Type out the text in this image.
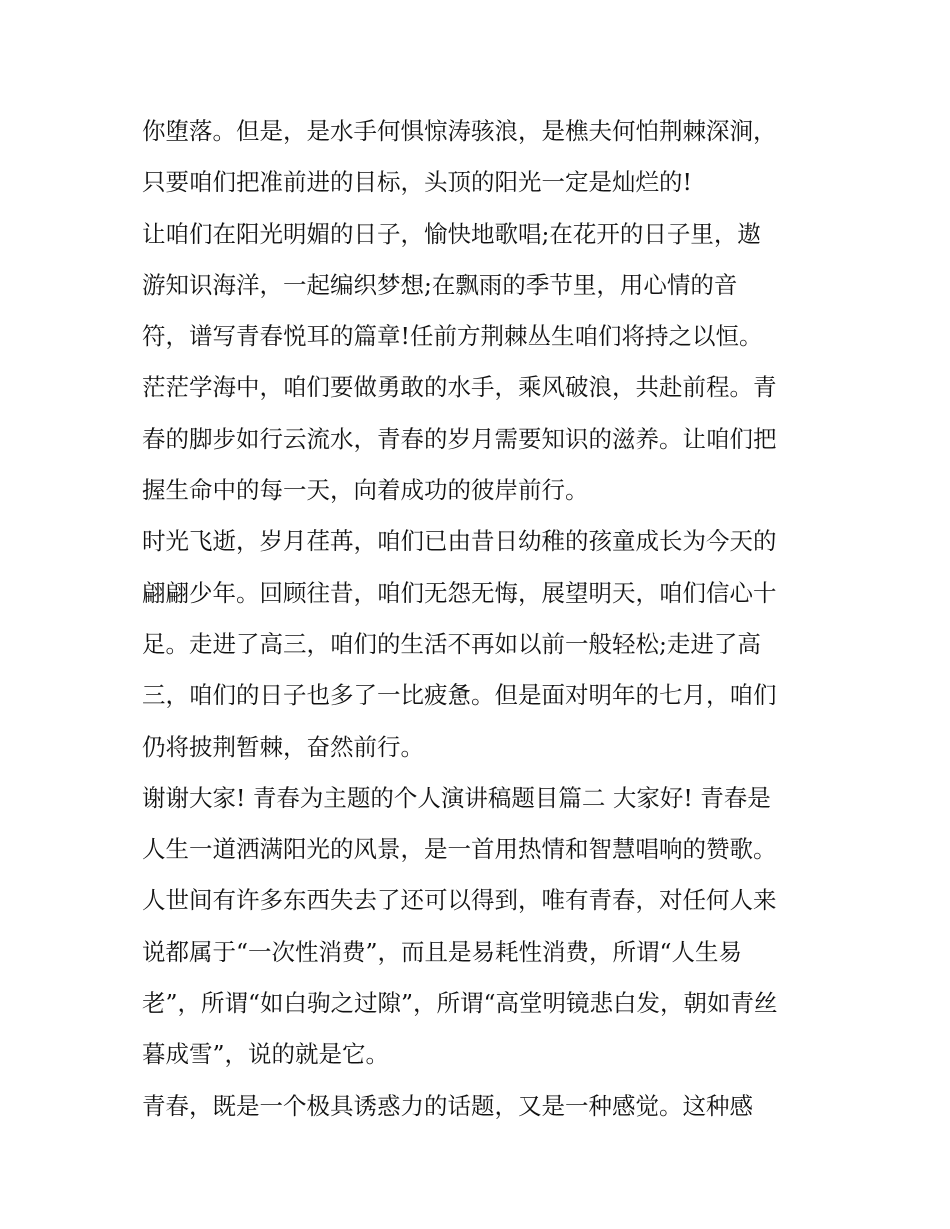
你堕落。但是，是水手何惧惊涛骇浪，是樵夫何怕荆棘深涧，
只要咱们把准前进的目标，头顶的阳光一定是灿烂的!
让咱们在阳光明媚的日子，愉快地歌唱;在花开的日子里，遨
游知识海洋，一起编织梦想;在飘雨的季节里，用心情的音
符，谱写青春悦耳的篇章!任前方荆棘丛生咱们将持之以恒。
茫茫学海中，咱们要做勇敢的水手，乘风破浪，共赴前程。青
春的脚步如行云流水，青春的岁月需要知识的滋养。让咱们把
握生命中的每一天，向着成功的彼岸前行。
时光飞逝，岁月荏苒，咱们已由昔日幼稚的孩童成长为今天的
翩翩少年。回顾往昔，咱们无怨无悔，展望明天，咱们信心十
足。走进了高三，咱们的生活不再如以前一般轻松;走进了高
三，咱们的日子也多了一比疲惫。但是面对明年的七月，咱们
仍将披荆暂棘，奋然前行。
谢谢大家! 青春为主题的个人演讲稿题目篇二 大家好! 青春是
人生一道洒满阳光的风景，是一首用热情和智慧唱响的赞歌。
人世间有许多东西失去了还可以得到，唯有青春，对任何人来
说都属于“一次性消费”，而且是易耗性消费，所谓“人生易
老”，所谓“如白驹之过隙”，所谓“高堂明镜悲白发，朝如青丝
暮成雪”，说的就是它。
青春，既是一个极具诱惑力的话题，又是一种感觉。这种感
